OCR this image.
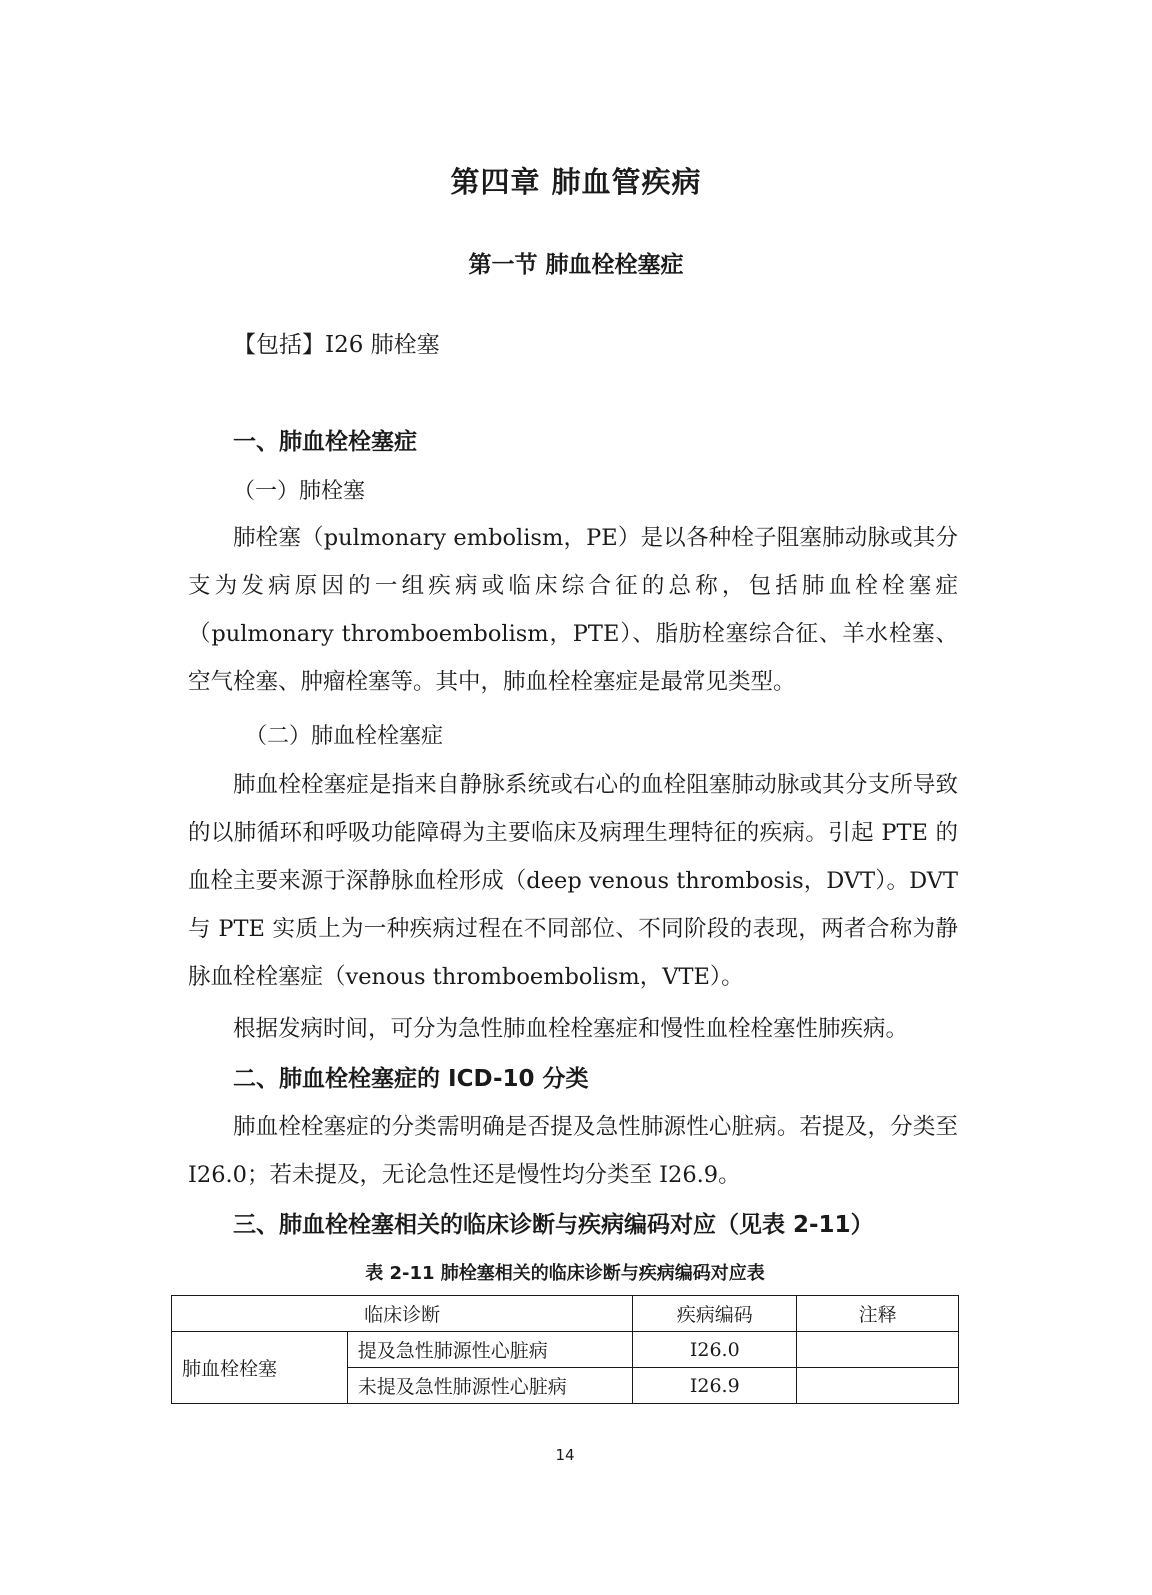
第四章 肺血管疾病
第一节 肺血栓栓塞症
【包括】I26 肺栓塞
一、肺血栓栓塞症
（一）肺栓塞
肺栓塞（pulmonary embolism，PE）是以各种栓子阻塞肺动脉或其分支为发病原因的一组疾病或临床综合征的总称，包括肺血栓栓塞症（pulmonary thromboembolism，PTE）、脂肪栓塞综合征、羊水栓塞、空气栓塞、肿瘤栓塞等。其中，肺血栓栓塞症是最常见类型。
（二）肺血栓栓塞症
肺血栓栓塞症是指来自静脉系统或右心的血栓阻塞肺动脉或其分支所导致的以肺循环和呼吸功能障碍为主要临床及病理生理特征的疾病。引起 PTE 的血栓主要来源于深静脉血栓形成（deep venous thrombosis，DVT）。DVT 与 PTE 实质上为一种疾病过程在不同部位、不同阶段的表现，两者合称为静脉血栓栓塞症（venous thromboembolism，VTE）。
根据发病时间，可分为急性肺血栓栓塞症和慢性血栓栓塞性肺疾病。
二、肺血栓栓塞症的 ICD-10 分类
肺血栓栓塞症的分类需明确是否提及急性肺源性心脏病。若提及，分类至 I26.0；若未提及，无论急性还是慢性均分类至 I26.9。
三、肺血栓栓塞相关的临床诊断与疾病编码对应（见表 2-11）
表 2-11 肺栓塞相关的临床诊断与疾病编码对应表
临床诊断		疾病编码	注释
肺血栓栓塞	提及急性肺源性心脏病	I26.0	
	未提及急性肺源性心脏病	I26.9	
14
